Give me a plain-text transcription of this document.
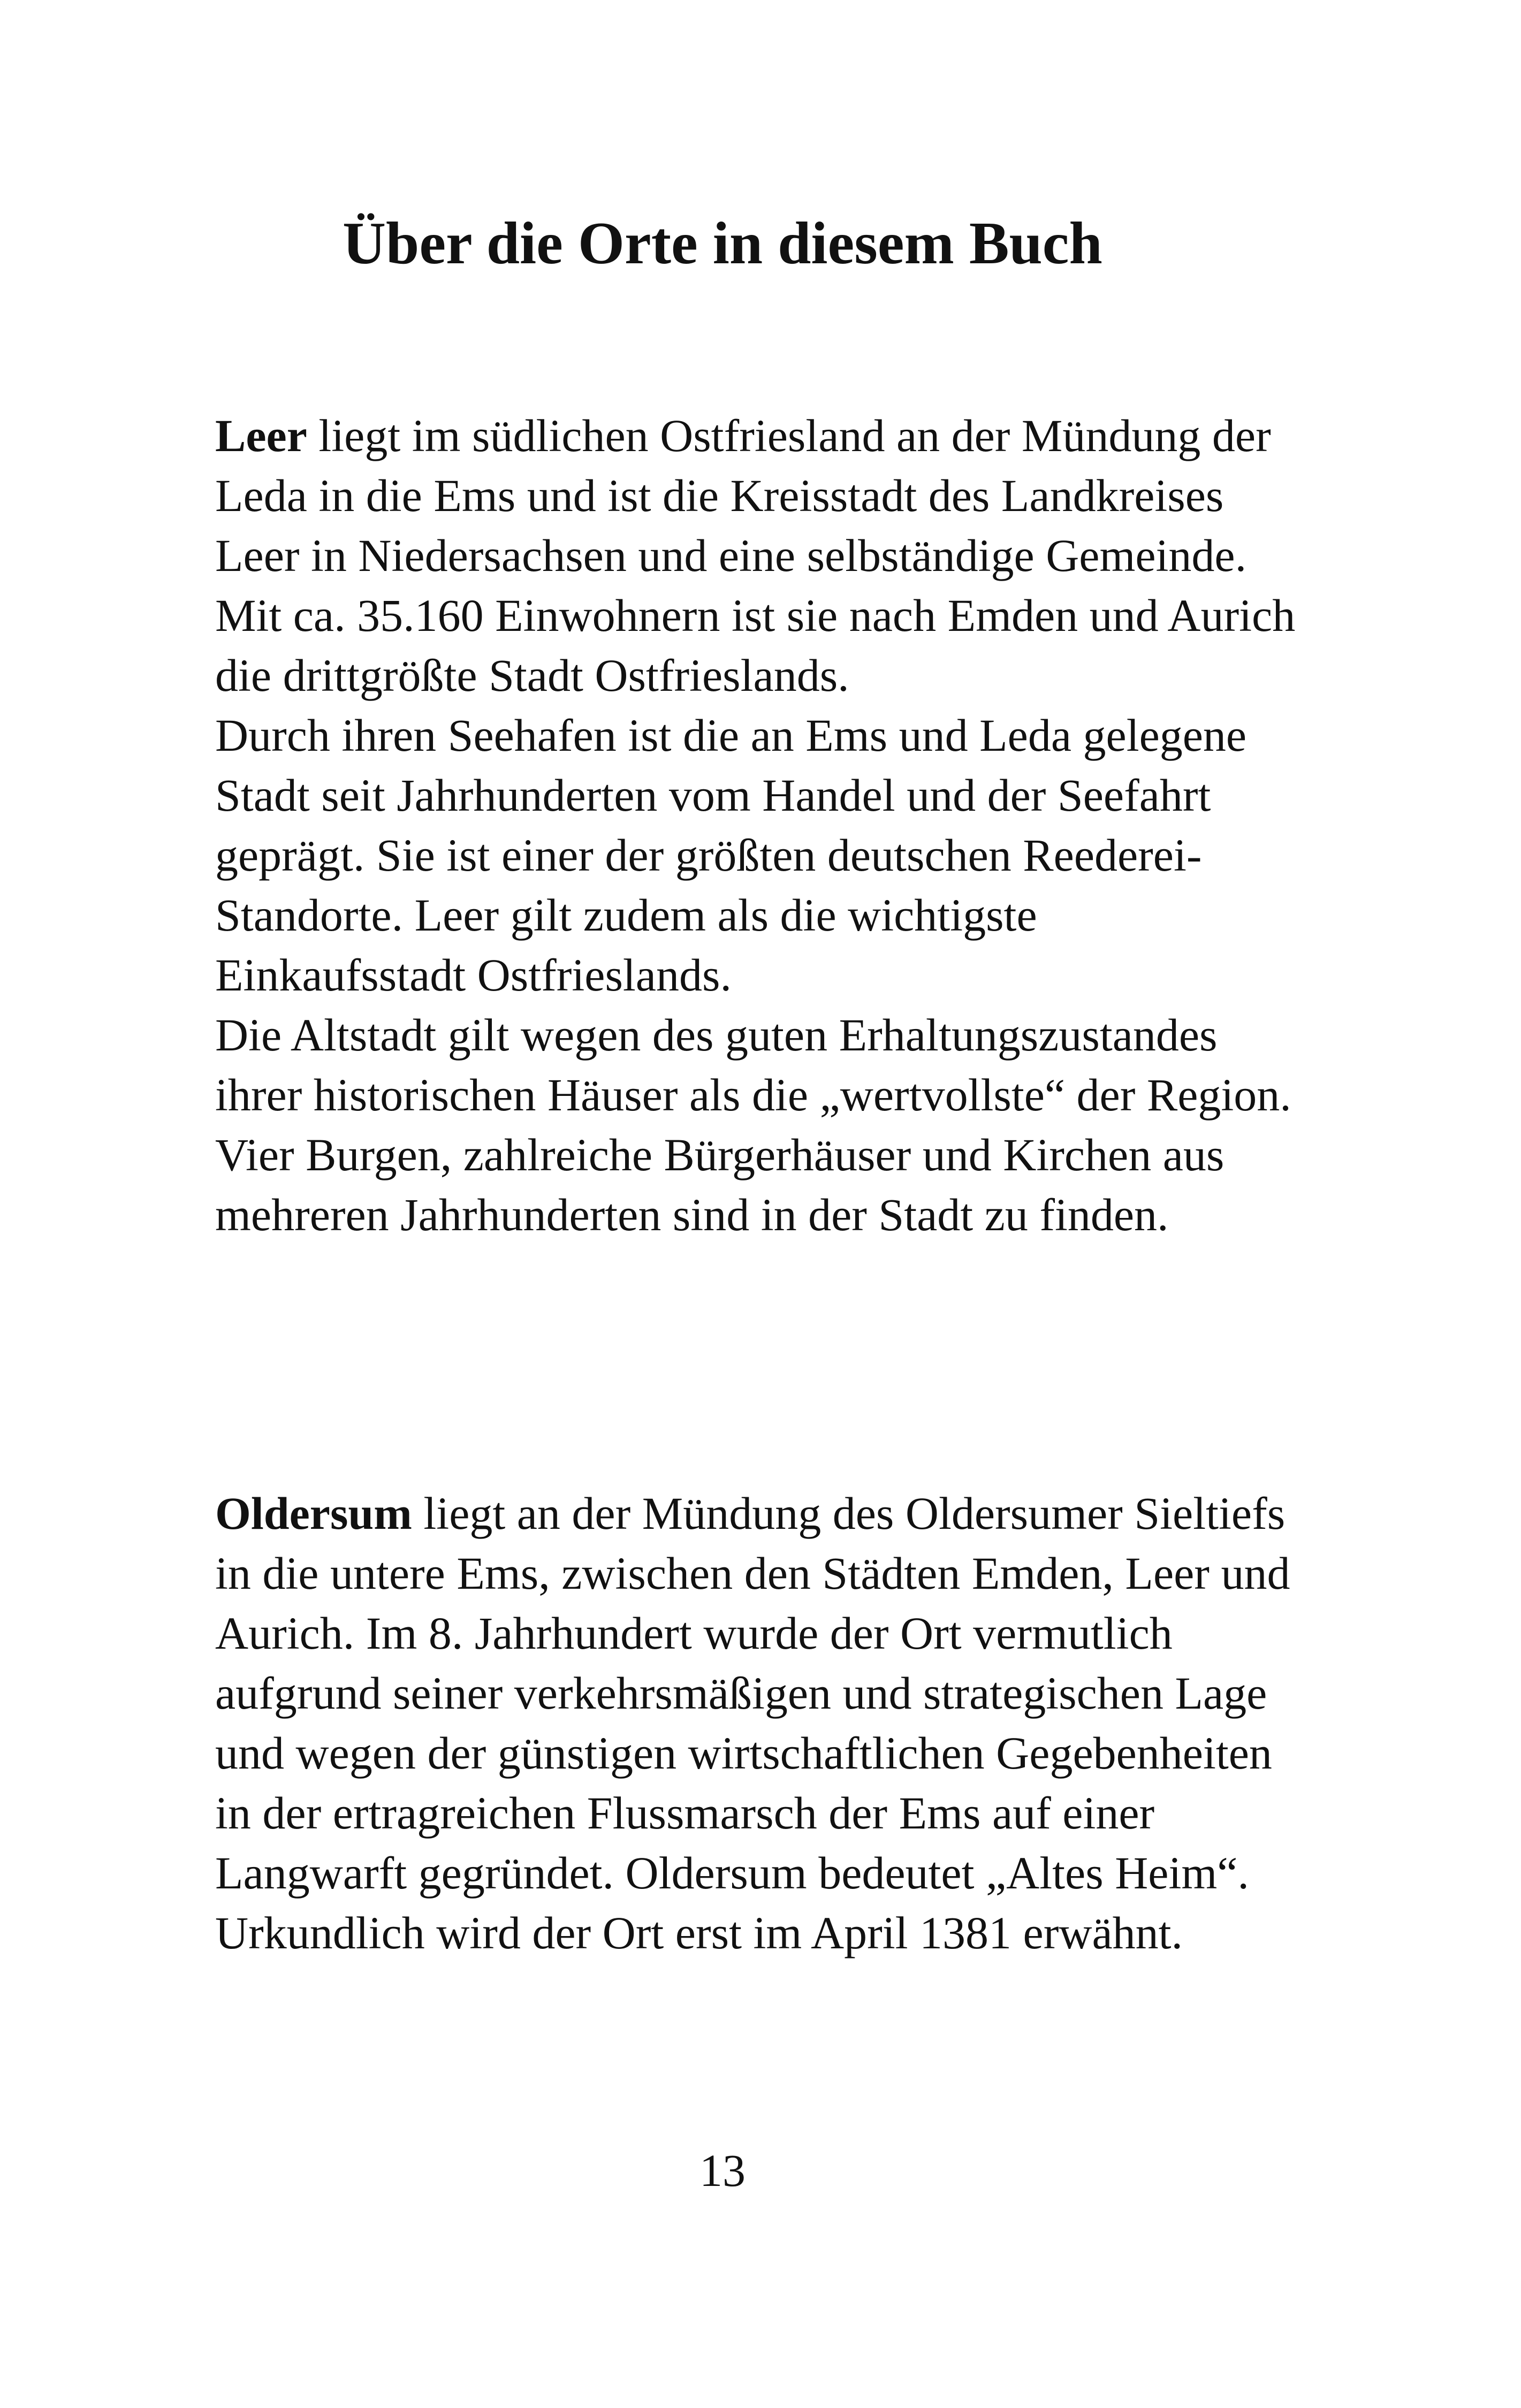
Über die Orte in diesem Buch

Leer liegt im südlichen Ostfriesland an der Mündung der Leda in die Ems und ist die Kreisstadt des Landkreises Leer in Niedersachsen und eine selbständige Gemeinde. Mit ca. 35.160 Einwohnern ist sie nach Emden und Aurich die drittgrößte Stadt Ostfrieslands.

Durch ihren Seehafen ist die an Ems und Leda gelegene Stadt seit Jahrhunderten vom Handel und der Seefahrt geprägt. Sie ist einer der größten deutschen Reederei-Standorte. Leer gilt zudem als die wichtigste Einkaufsstadt Ostfrieslands.

Die Altstadt gilt wegen des guten Erhaltungszustandes ihrer historischen Häuser als die „wertvollste“ der Region. Vier Burgen, zahlreiche Bürgerhäuser und Kirchen aus mehreren Jahrhunderten sind in der Stadt zu finden.

Oldersum liegt an der Mündung des Oldersumer Sieltiefs in die untere Ems, zwischen den Städten Emden, Leer und Aurich. Im 8. Jahrhundert wurde der Ort vermutlich aufgrund seiner verkehrsmäßigen und strategischen Lage und wegen der günstigen wirtschaftlichen Gegebenheiten in der ertragreichen Flussmarsch der Ems auf einer Langwarft gegründet. Oldersum bedeutet „Altes Heim“. Urkundlich wird der Ort erst im April 1381 erwähnt.

13
